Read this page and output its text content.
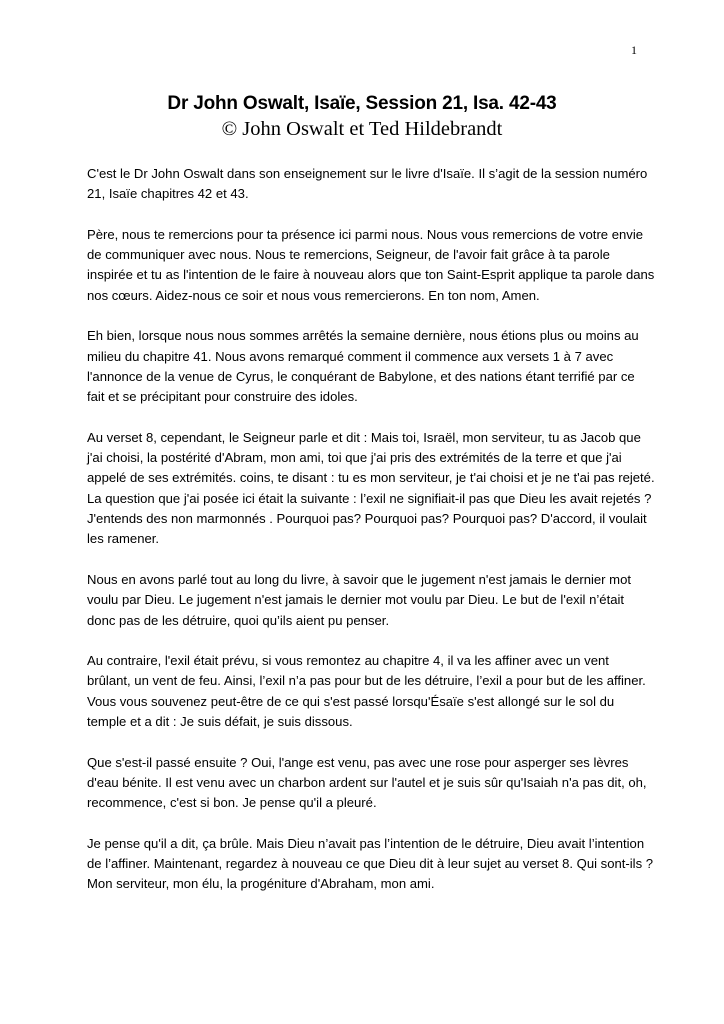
1
Dr John Oswalt, Isaïe, Session 21, Isa. 42-43
© John Oswalt et Ted Hildebrandt

C'est le Dr John Oswalt dans son enseignement sur le livre d'Isaïe. Il s’agit de la session numéro 21, Isaïe chapitres 42 et 43.

Père, nous te remercions pour ta présence ici parmi nous. Nous vous remercions de votre envie de communiquer avec nous. Nous te remercions, Seigneur, de l'avoir fait grâce à ta parole inspirée et tu as l'intention de le faire à nouveau alors que ton Saint-Esprit applique ta parole dans nos cœurs. Aidez-nous ce soir et nous vous remercierons. En ton nom, Amen.

Eh bien, lorsque nous nous sommes arrêtés la semaine dernière, nous étions plus ou moins au milieu du chapitre 41. Nous avons remarqué comment il commence aux versets 1 à 7 avec l'annonce de la venue de Cyrus, le conquérant de Babylone, et des nations étant terrifié par ce fait et se précipitant pour construire des idoles.

Au verset 8, cependant, le Seigneur parle et dit : Mais toi, Israël, mon serviteur, tu as Jacob que j'ai choisi, la postérité d'Abram, mon ami, toi que j'ai pris des extrémités de la terre et que j'ai appelé de ses extrémités. coins, te disant : tu es mon serviteur, je t'ai choisi et je ne t'ai pas rejeté. La question que j'ai posée ici était la suivante : l’exil ne signifiait-il pas que Dieu les avait rejetés ? J'entends des non marmonnés . Pourquoi pas? Pourquoi pas? Pourquoi pas? D'accord, il voulait les ramener.

Nous en avons parlé tout au long du livre, à savoir que le jugement n'est jamais le dernier mot voulu par Dieu. Le jugement n'est jamais le dernier mot voulu par Dieu. Le but de l'exil n’était donc pas de les détruire, quoi qu’ils aient pu penser.

Au contraire, l'exil était prévu, si vous remontez au chapitre 4, il va les affiner avec un vent brûlant, un vent de feu. Ainsi, l’exil n’a pas pour but de les détruire, l’exil a pour but de les affiner. Vous vous souvenez peut-être de ce qui s'est passé lorsqu'Ésaïe s'est allongé sur le sol du temple et a dit : Je suis défait, je suis dissous.

Que s'est-il passé ensuite ? Oui, l'ange est venu, pas avec une rose pour asperger ses lèvres d'eau bénite. Il est venu avec un charbon ardent sur l'autel et je suis sûr qu'Isaiah n'a pas dit, oh, recommence, c'est si bon. Je pense qu'il a pleuré.

Je pense qu'il a dit, ça brûle. Mais Dieu n’avait pas l’intention de le détruire, Dieu avait l’intention de l’affiner. Maintenant, regardez à nouveau ce que Dieu dit à leur sujet au verset 8. Qui sont-ils ? Mon serviteur, mon élu, la progéniture d'Abraham, mon ami.
